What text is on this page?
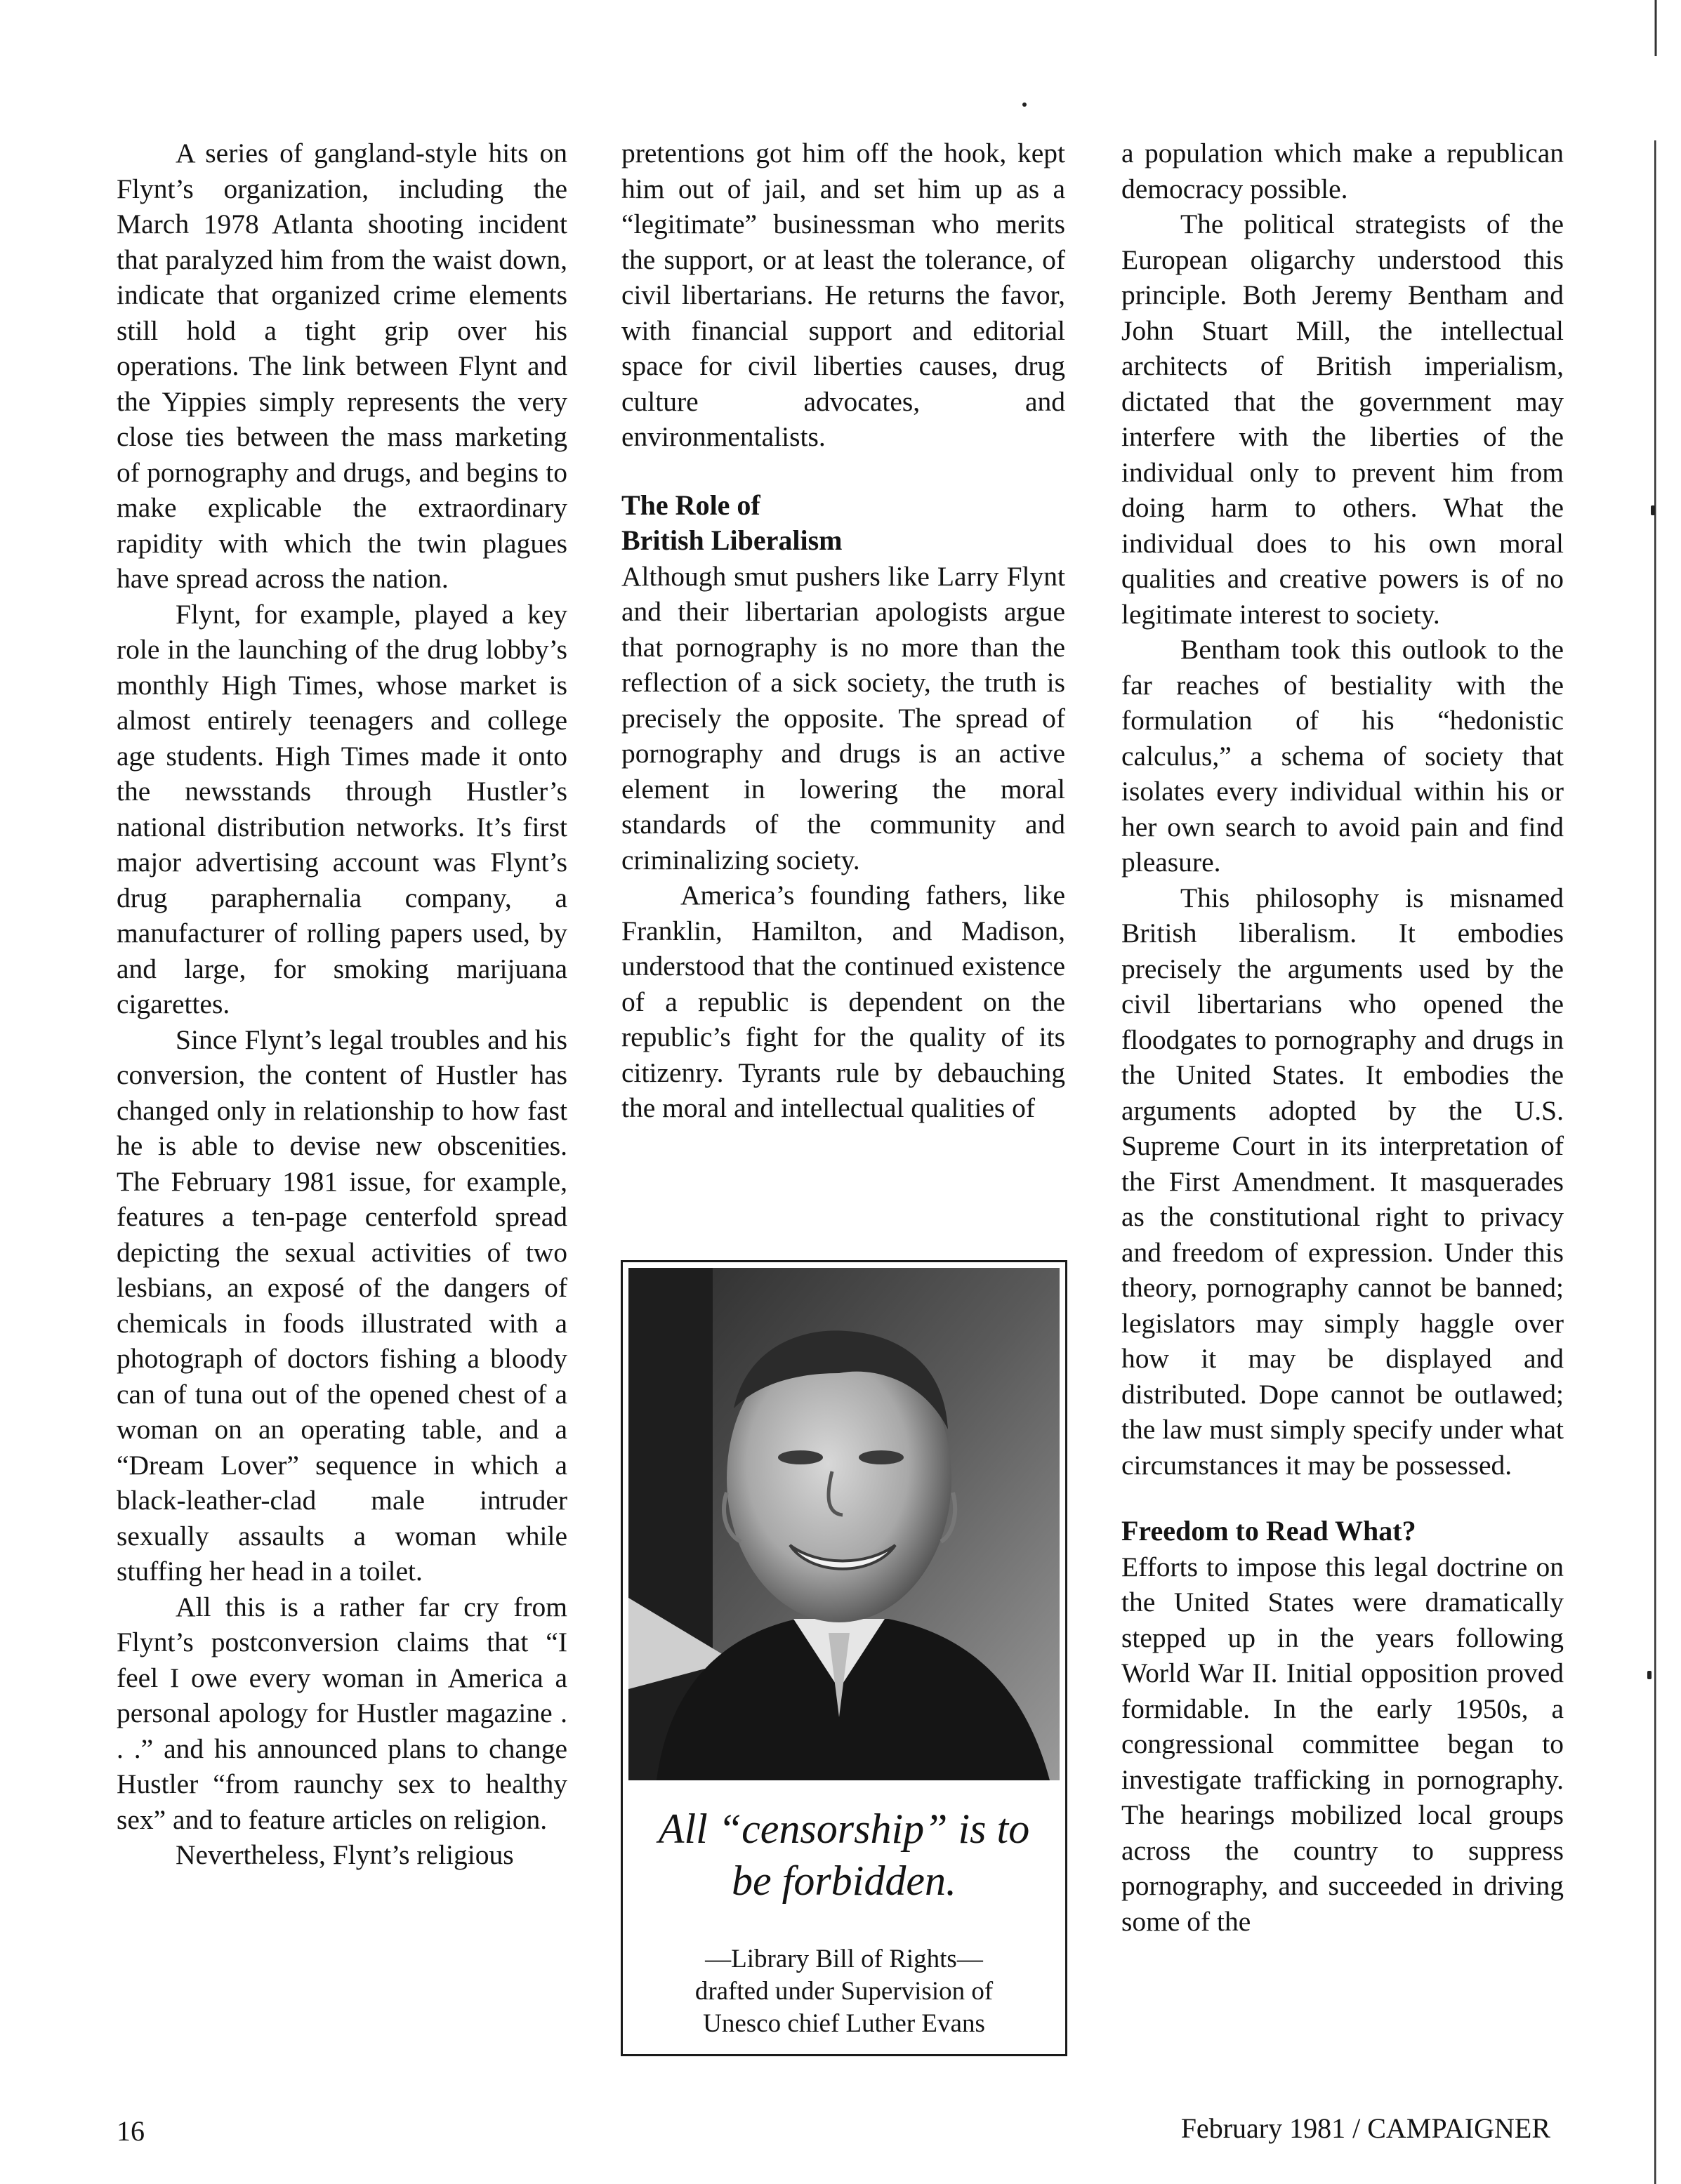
A series of gangland-style hits on Flynt’s organization, including the March 1978 Atlanta shooting incident that paralyzed him from the waist down, indicate that organized crime elements still hold a tight grip over his operations. The link between Flynt and the Yippies simply represents the very close ties between the mass marketing of pornography and drugs, and begins to make explicable the extraordinary rapidity with which the twin plagues have spread across the nation.

Flynt, for example, played a key role in the launching of the drug lobby’s monthly High Times, whose market is almost entirely teenagers and college age students. High Times made it onto the newsstands through Hustler’s national distribution networks. It’s first major advertising account was Flynt’s drug paraphernalia company, a manufacturer of rolling papers used, by and large, for smoking marijuana cigarettes.

Since Flynt’s legal troubles and his conversion, the content of Hustler has changed only in relationship to how fast he is able to devise new obscenities. The February 1981 issue, for example, features a ten-page centerfold spread depicting the sexual activities of two lesbians, an exposé of the dangers of chemicals in foods illustrated with a photograph of doctors fishing a bloody can of tuna out of the opened chest of a woman on an operating table, and a “Dream Lover” sequence in which a black-leather-clad male intruder sexually assaults a woman while stuffing her head in a toilet.

All this is a rather far cry from Flynt’s postconversion claims that “I feel I owe every woman in America a personal apology for Hustler magazine . . .” and his announced plans to change Hustler “from raunchy sex to healthy sex” and to feature articles on religion.

Nevertheless, Flynt’s religious

pretentions got him off the hook, kept him out of jail, and set him up as a “legitimate” businessman who merits the support, or at least the tolerance, of civil libertarians. He returns the favor, with financial support and editorial space for civil liberties causes, drug culture advocates, and environmentalists.

The Role of
British Liberalism

Although smut pushers like Larry Flynt and their libertarian apologists argue that pornography is no more than the reflection of a sick society, the truth is precisely the opposite. The spread of pornography and drugs is an active element in lowering the moral standards of the community and criminalizing society.

America’s founding fathers, like Franklin, Hamilton, and Madison, understood that the continued existence of a republic is dependent on the republic’s fight for the quality of its citizenry. Tyrants rule by debauching the moral and intellectual qualities of

All “censorship” is to
be forbidden.
—Library Bill of Rights—
drafted under Supervision of
Unesco chief Luther Evans

a population which make a republican democracy possible.

The political strategists of the European oligarchy understood this principle. Both Jeremy Bentham and John Stuart Mill, the intellectual architects of British imperialism, dictated that the government may interfere with the liberties of the individual only to prevent him from doing harm to others. What the individual does to his own moral qualities and creative powers is of no legitimate interest to society.

Bentham took this outlook to the far reaches of bestiality with the formulation of his “hedonistic calculus,” a schema of society that isolates every individual within his or her own search to avoid pain and find pleasure.

This philosophy is misnamed British liberalism. It embodies precisely the arguments used by the civil libertarians who opened the floodgates to pornography and drugs in the United States. It embodies the arguments adopted by the U.S. Supreme Court in its interpretation of the First Amendment. It masquerades as the constitutional right to privacy and freedom of expression. Under this theory, pornography cannot be banned; legislators may simply haggle over how it may be displayed and distributed. Dope cannot be outlawed; the law must simply specify under what circumstances it may be possessed.

Freedom to Read What?

Efforts to impose this legal doctrine on the United States were dramatically stepped up in the years following World War II. Initial opposition proved formidable. In the early 1950s, a congressional committee began to investigate trafficking in pornography. The hearings mobilized local groups across the country to suppress pornography, and succeeded in driving some of the

16	February 1981 / CAMPAIGNER
